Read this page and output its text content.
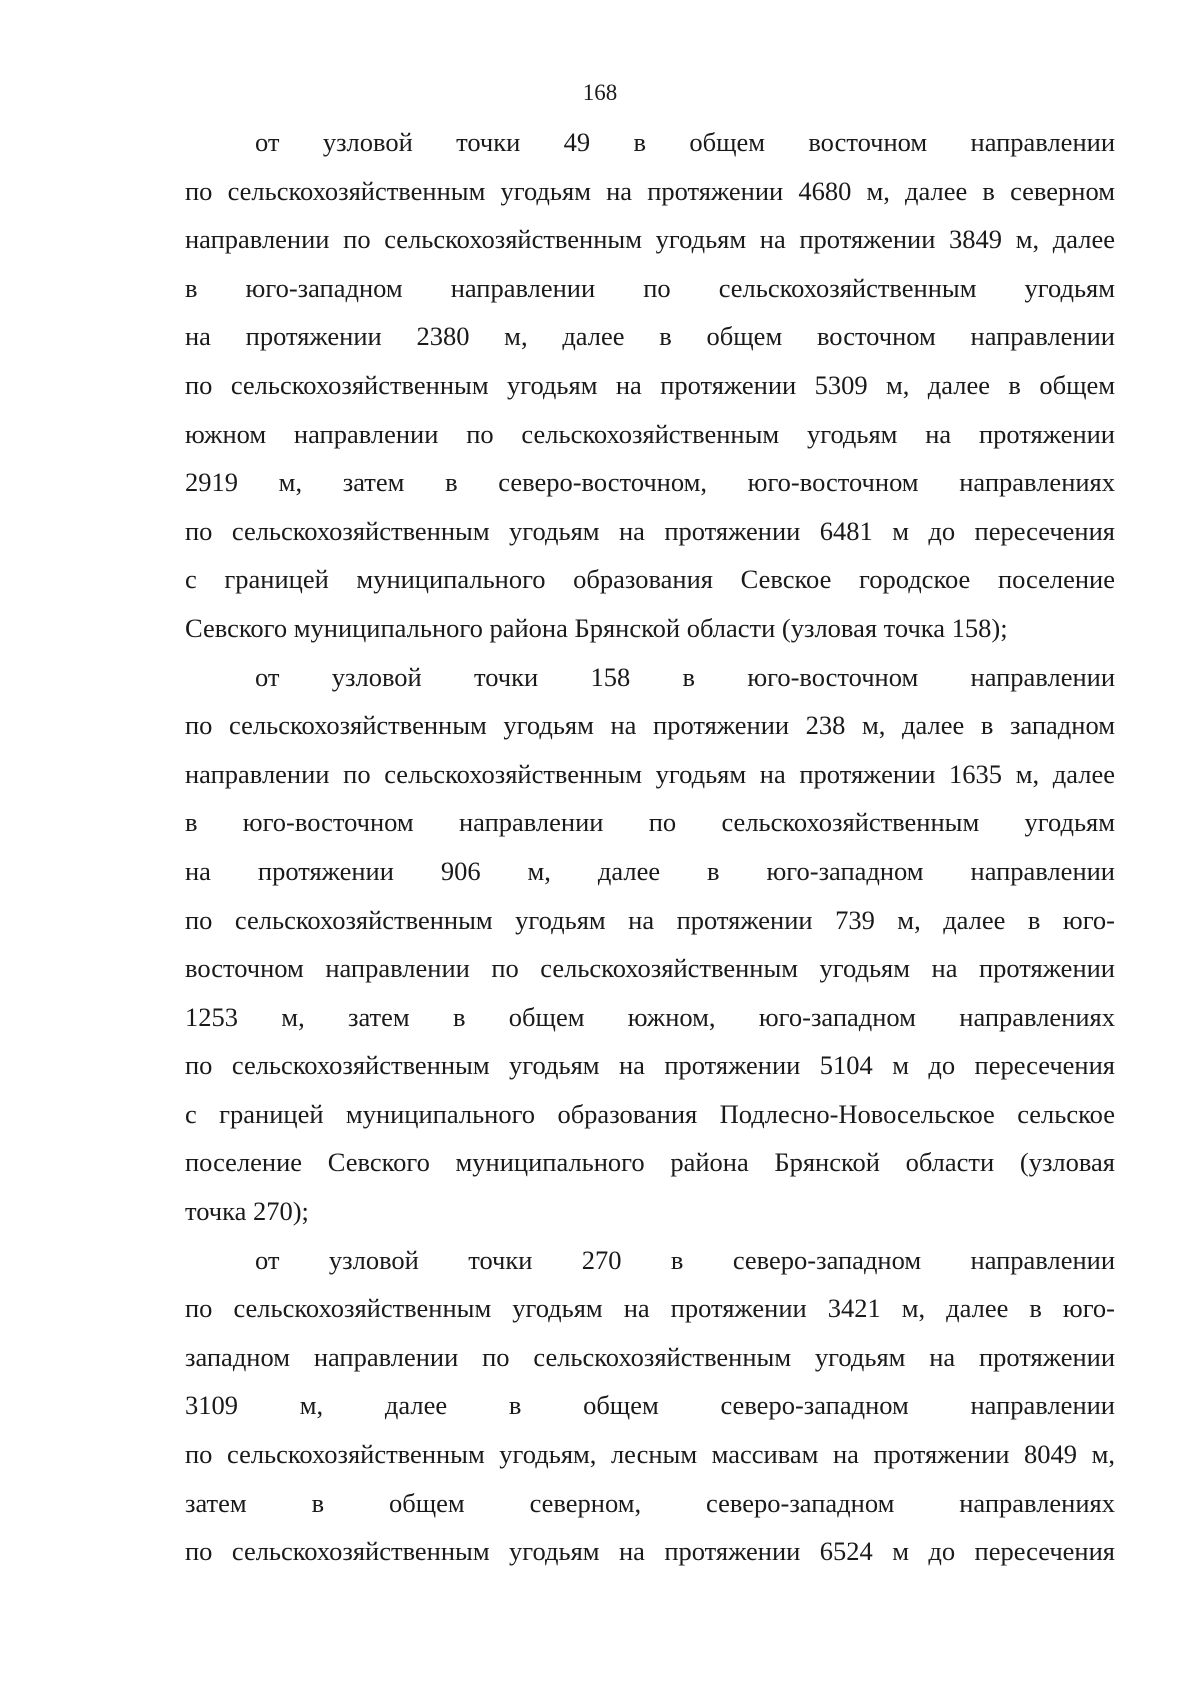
168
от узловой точки 49 в общем восточном направлении
по сельскохозяйственным угодьям на протяжении 4680 м, далее в северном
направлении по сельскохозяйственным угодьям на протяжении 3849 м, далее
в юго-западном направлении по сельскохозяйственным угодьям
на протяжении 2380 м, далее в общем восточном направлении
по сельскохозяйственным угодьям на протяжении 5309 м, далее в общем
южном направлении по сельскохозяйственным угодьям на протяжении
2919 м, затем в северо-восточном, юго-восточном направлениях
по сельскохозяйственным угодьям на протяжении 6481 м до пересечения
с границей муниципального образования Севское городское поселение
Севского муниципального района Брянской области (узловая точка 158);
от узловой точки 158 в юго-восточном направлении
по сельскохозяйственным угодьям на протяжении 238 м, далее в западном
направлении по сельскохозяйственным угодьям на протяжении 1635 м, далее
в юго-восточном направлении по сельскохозяйственным угодьям
на протяжении 906 м, далее в юго-западном направлении
по сельскохозяйственным угодьям на протяжении 739 м, далее в юго-
восточном направлении по сельскохозяйственным угодьям на протяжении
1253 м, затем в общем южном, юго-западном направлениях
по сельскохозяйственным угодьям на протяжении 5104 м до пересечения
с границей муниципального образования Подлесно-Новосельское сельское
поселение Севского муниципального района Брянской области (узловая
точка 270);
от узловой точки 270 в северо-западном направлении
по сельскохозяйственным угодьям на протяжении 3421 м, далее в юго-
западном направлении по сельскохозяйственным угодьям на протяжении
3109 м, далее в общем северо-западном направлении
по сельскохозяйственным угодьям, лесным массивам на протяжении 8049 м,
затем в общем северном, северо-западном направлениях
по сельскохозяйственным угодьям на протяжении 6524 м до пересечения
